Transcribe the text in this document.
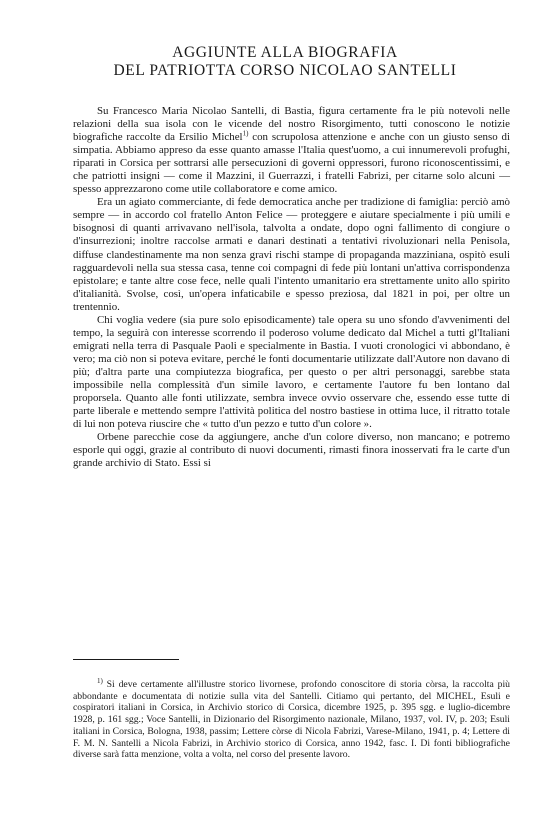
AGGIUNTE ALLA BIOGRAFIA
DEL PATRIOTTA CORSO NICOLAO SANTELLI

Su Francesco Maria Nicolao Santelli, di Bastia, figura certamente fra le più notevoli nelle relazioni della sua isola con le vicende del nostro Risorgimento, tutti conoscono le notizie biografiche raccolte da Ersilio Michel$^{1)}$ con scrupolosa attenzione e anche con un giusto senso di simpatia. Abbiamo appreso da esse quanto amasse l'Italia quest'uomo, a cui innumerevoli profughi, riparati in Corsica per sottrarsi alle persecuzioni di governi oppressori, furono riconoscentissimi, e che patriotti insigni — come il Mazzini, il Guerrazzi, i fratelli Fabrizi, per citarne solo alcuni — spesso apprezzarono come utile collaboratore e come amico.

Era un agiato commerciante, di fede democratica anche per tradizione di famiglia: perciò amò sempre — in accordo col fratello Anton Felice — proteggere e aiutare specialmente i più umili e bisognosi di quanti arrivavano nell'isola, talvolta a ondate, dopo ogni fallimento di congiure o d'insurrezioni; inoltre raccolse armati e danari destinati a tentativi rivoluzionari nella Penisola, diffuse clandestinamente ma non senza gravi rischi stampe di propaganda mazziniana, ospitò esuli ragguardevoli nella sua stessa casa, tenne coi compagni di fede più lontani un'attiva corrispondenza epistolare; e tante altre cose fece, nelle quali l'intento umanitario era strettamente unito allo spirito d'italianità. Svolse, così, un'opera infaticabile e spesso preziosa, dal 1821 in poi, per oltre un trentennio.

Chi voglia vedere (sia pure solo episodicamente) tale opera su uno sfondo d'avvenimenti del tempo, la seguirà con interesse scorrendo il poderoso volume dedicato dal Michel a tutti gl'Italiani emigrati nella terra di Pasquale Paoli e specialmente in Bastia. I vuoti cronologici vi abbondano, è vero; ma ciò non si poteva evitare, perché le fonti documentarie utilizzate dall'Autore non davano di più; d'altra parte una compiutezza biografica, per questo o per altri personaggi, sarebbe stata impossibile nella complessità d'un simile lavoro, e certamente l'autore fu ben lontano dal proporsela. Quanto alle fonti utilizzate, sembra invece ovvio osservare che, essendo esse tutte di parte liberale e mettendo sempre l'attività politica del nostro bastiese in ottima luce, il ritratto totale di lui non poteva riuscire che « tutto d'un pezzo e tutto d'un colore ».

Orbene parecchie cose da aggiungere, anche d'un colore diverso, non mancano; e potremo esporle qui oggi, grazie al contributo di nuovi documenti, rimasti finora inosservati fra le carte d'un grande archivio di Stato. Essi si

$^{1)}$ Si deve certamente all'illustre storico livornese, profondo conoscitore di storia còrsa, la raccolta più abbondante e documentata di notizie sulla vita del Santelli. Citiamo qui pertanto, del MICHEL, Esuli e cospiratori italiani in Corsica, in Archivio storico di Corsica, dicembre 1925, p. 395 sgg. e luglio-dicembre 1928, p. 161 sgg.; Voce Santelli, in Dizionario del Risorgimento nazionale, Milano, 1937, vol. IV, p. 203; Esuli italiani in Corsica, Bologna, 1938, passim; Lettere còrse di Nicola Fabrizi, Varese-Milano, 1941, p. 4; Lettere di F. M. N. Santelli a Nicola Fabrizi, in Archivio storico di Corsica, anno 1942, fasc. I. Di fonti bibliografiche diverse sarà fatta menzione, volta a volta, nel corso del presente lavoro.
